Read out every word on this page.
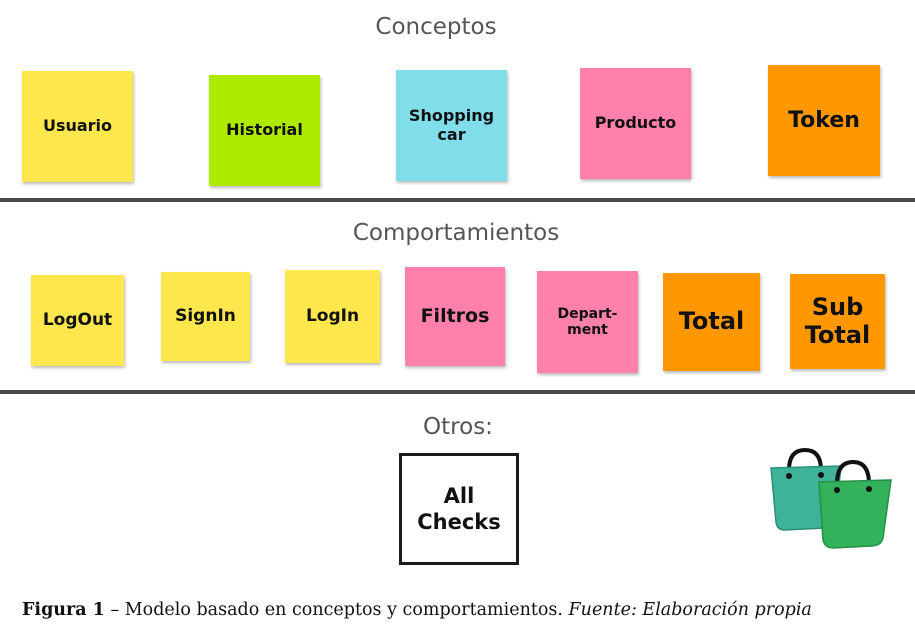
Conceptos
Usuario	Historial
Shopping
car
Producto	Token
Comportamientos
LogOut	SignIn	LogIn	Filtros	Depart-
ment	Total
Sub
Total
Otros:
All
Checks
Figura 1 – Modelo basado en conceptos y comportamientos. Fuente: Elaboración propia
